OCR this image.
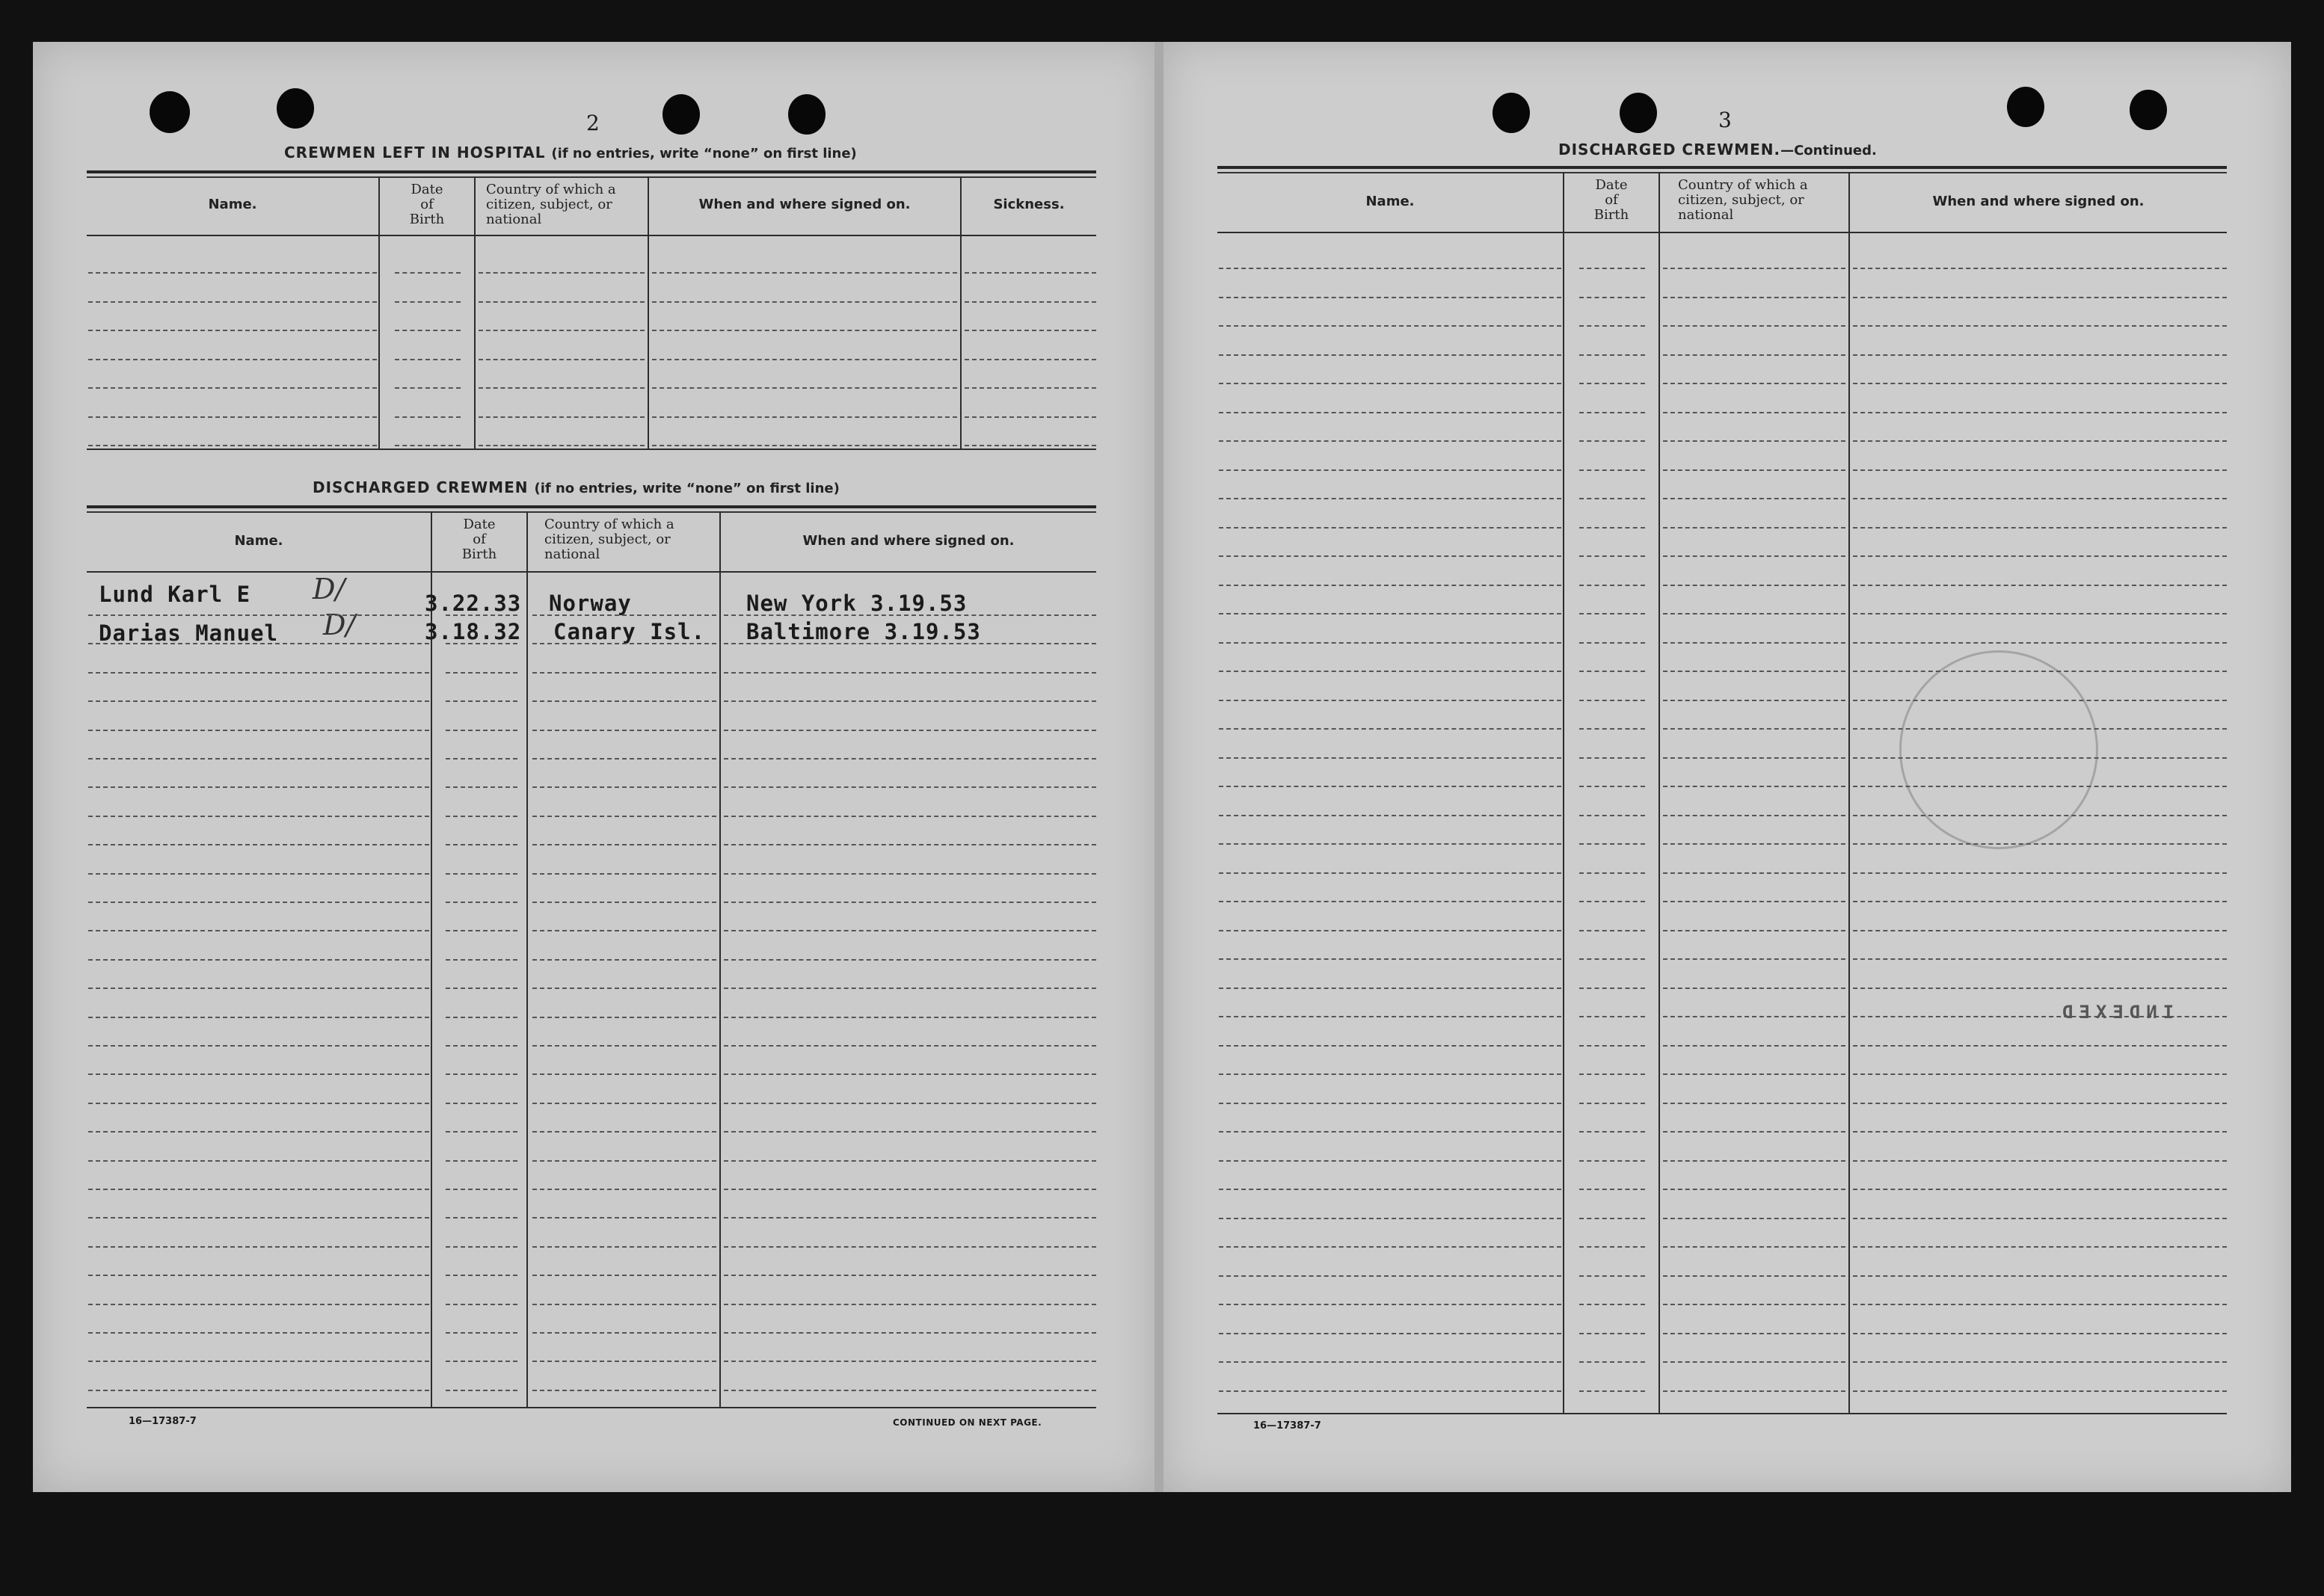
2
CREWMEN LEFT IN HOSPITAL (if no entries, write “none” on first line)
Name.
Date
of
Birth
Country of which a
citizen, subject, or
national
When and where signed on.	Sickness.
DISCHARGED CREWMEN (if no entries, write “none” on first line)
Name.
Date
of
Birth
Country of which a
citizen, subject, or
national
When and where signed on.
Lund Karl E D/	3.22.33 Norway	New York 3.19.53
Darias Manuel D/	3.18.32 Canary Isl. Baltimore 3.19.53
16—17387-7	CONTINUED ON NEXT PAGE.
3
DISCHARGED CREWMEN.—Continued.
Name.
Date
of
Birth
Country of which a
citizen, subject, or
national
When and where signed on.
16—17387-7
INDEXED
